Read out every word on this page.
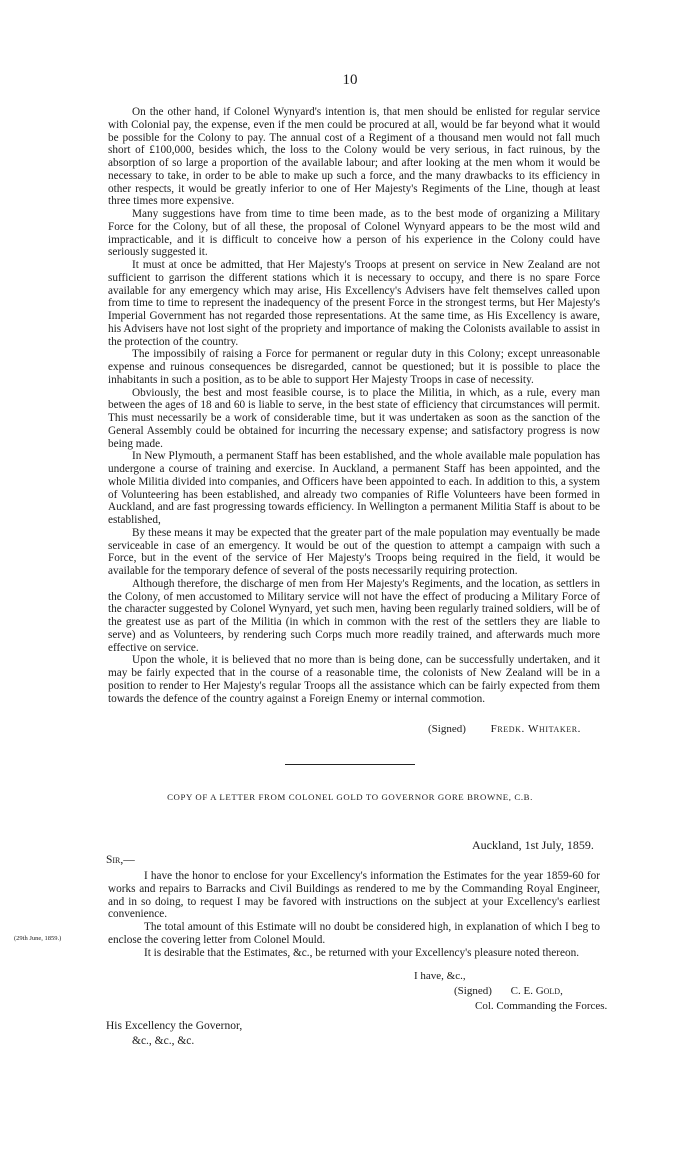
10

On the other hand, if Colonel Wynyard's intention is, that men should be enlisted for regular service with Colonial pay, the expense, even if the men could be procured at all, would be far beyond what it would be possible for the Colony to pay. The annual cost of a Regiment of a thousand men would not fall much short of £100,000, besides which, the loss to the Colony would be very serious, in fact ruinous, by the absorption of so large a proportion of the available labour; and after looking at the men whom it would be necessary to take, in order to be able to make up such a force, and the many drawbacks to its efficiency in other respects, it would be greatly inferior to one of Her Majesty's Regiments of the Line, though at least three times more expensive.

Many suggestions have from time to time been made, as to the best mode of organizing a Military Force for the Colony, but of all these, the proposal of Colonel Wynyard appears to be the most wild and impracticable, and it is difficult to conceive how a person of his experience in the Colony could have seriously suggested it.

It must at once be admitted, that Her Majesty's Troops at present on service in New Zealand are not sufficient to garrison the different stations which it is necessary to occupy, and there is no spare Force available for any emergency which may arise, His Excellency's Advisers have felt themselves called upon from time to time to represent the inadequency of the present Force in the strongest terms, but Her Majesty's Imperial Government has not regarded those representations. At the same time, as His Excellency is aware, his Advisers have not lost sight of the propriety and importance of making the Colonists available to assist in the protection of the country.

The impossibily of raising a Force for permanent or regular duty in this Colony; except unreasonable expense and ruinous consequences be disregarded, cannot be questioned; but it is possible to place the inhabitants in such a position, as to be able to support Her Majesty Troops in case of necessity.

Obviously, the best and most feasible course, is to place the Militia, in which, as a rule, every man between the ages of 18 and 60 is liable to serve, in the best state of efficiency that circumstances will permit. This must necessarily be a work of considerable time, but it was undertaken as soon as the sanction of the General Assembly could be obtained for incurring the necessary expense; and satisfactory progress is now being made.

In New Plymouth, a permanent Staff has been established, and the whole available male population has undergone a course of training and exercise. In Auckland, a permanent Staff has been appointed, and the whole Militia divided into companies, and Officers have been appointed to each. In addition to this, a system of Volunteering has been established, and already two companies of Rifle Volunteers have been formed in Auckland, and are fast progressing towards efficiency. In Wellington a permanent Militia Staff is about to be established,

By these means it may be expected that the greater part of the male population may eventually be made serviceable in case of an emergency. It would be out of the question to attempt a campaign with such a Force, but in the event of the service of Her Majesty's Troops being required in the field, it would be available for the temporary defence of several of the posts necessarily requiring protection.

Although therefore, the discharge of men from Her Majesty's Regiments, and the location, as settlers in the Colony, of men accustomed to Military service will not have the effect of producing a Military Force of the character suggested by Colonel Wynyard, yet such men, having been regularly trained soldiers, will be of the greatest use as part of the Militia (in which in common with the rest of the settlers they are liable to serve) and as Volunteers, by rendering such Corps much more readily trained, and afterwards much more effective on service.

Upon the whole, it is believed that no more than is being done, can be successfully undertaken, and it may be fairly expected that in the course of a reasonable time, the colonists of New Zealand will be in a position to render to Her Majesty's regular Troops all the assistance which can be fairly expected from them towards the defence of the country against a Foreign Enemy or internal commotion.

(Signed) Fredk. Whitaker.
COPY OF A LETTER FROM COLONEL GOLD TO GOVERNOR GORE BROWNE, C.B.
Auckland, 1st July, 1859.
Sir,—

I have the honor to enclose for your Excellency's information the Estimates for the year 1859-60 for works and repairs to Barracks and Civil Buildings as rendered to me by the Commanding Royal Engineer, and in so doing, to request I may be favored with instructions on the subject at your Excellency's earliest convenience.

The total amount of this Estimate will no doubt be considered high, in explanation of which I beg to enclose the covering letter from Colonel Mould.

It is desirable that the Estimates, &c., be returned with your Excellency's pleasure noted thereon.

(29th June, 1859.)
I have, &c.,
(Signed) C. E. Gold,
Col. Commanding the Forces.
His Excellency the Governor,
&c., &c., &c.
